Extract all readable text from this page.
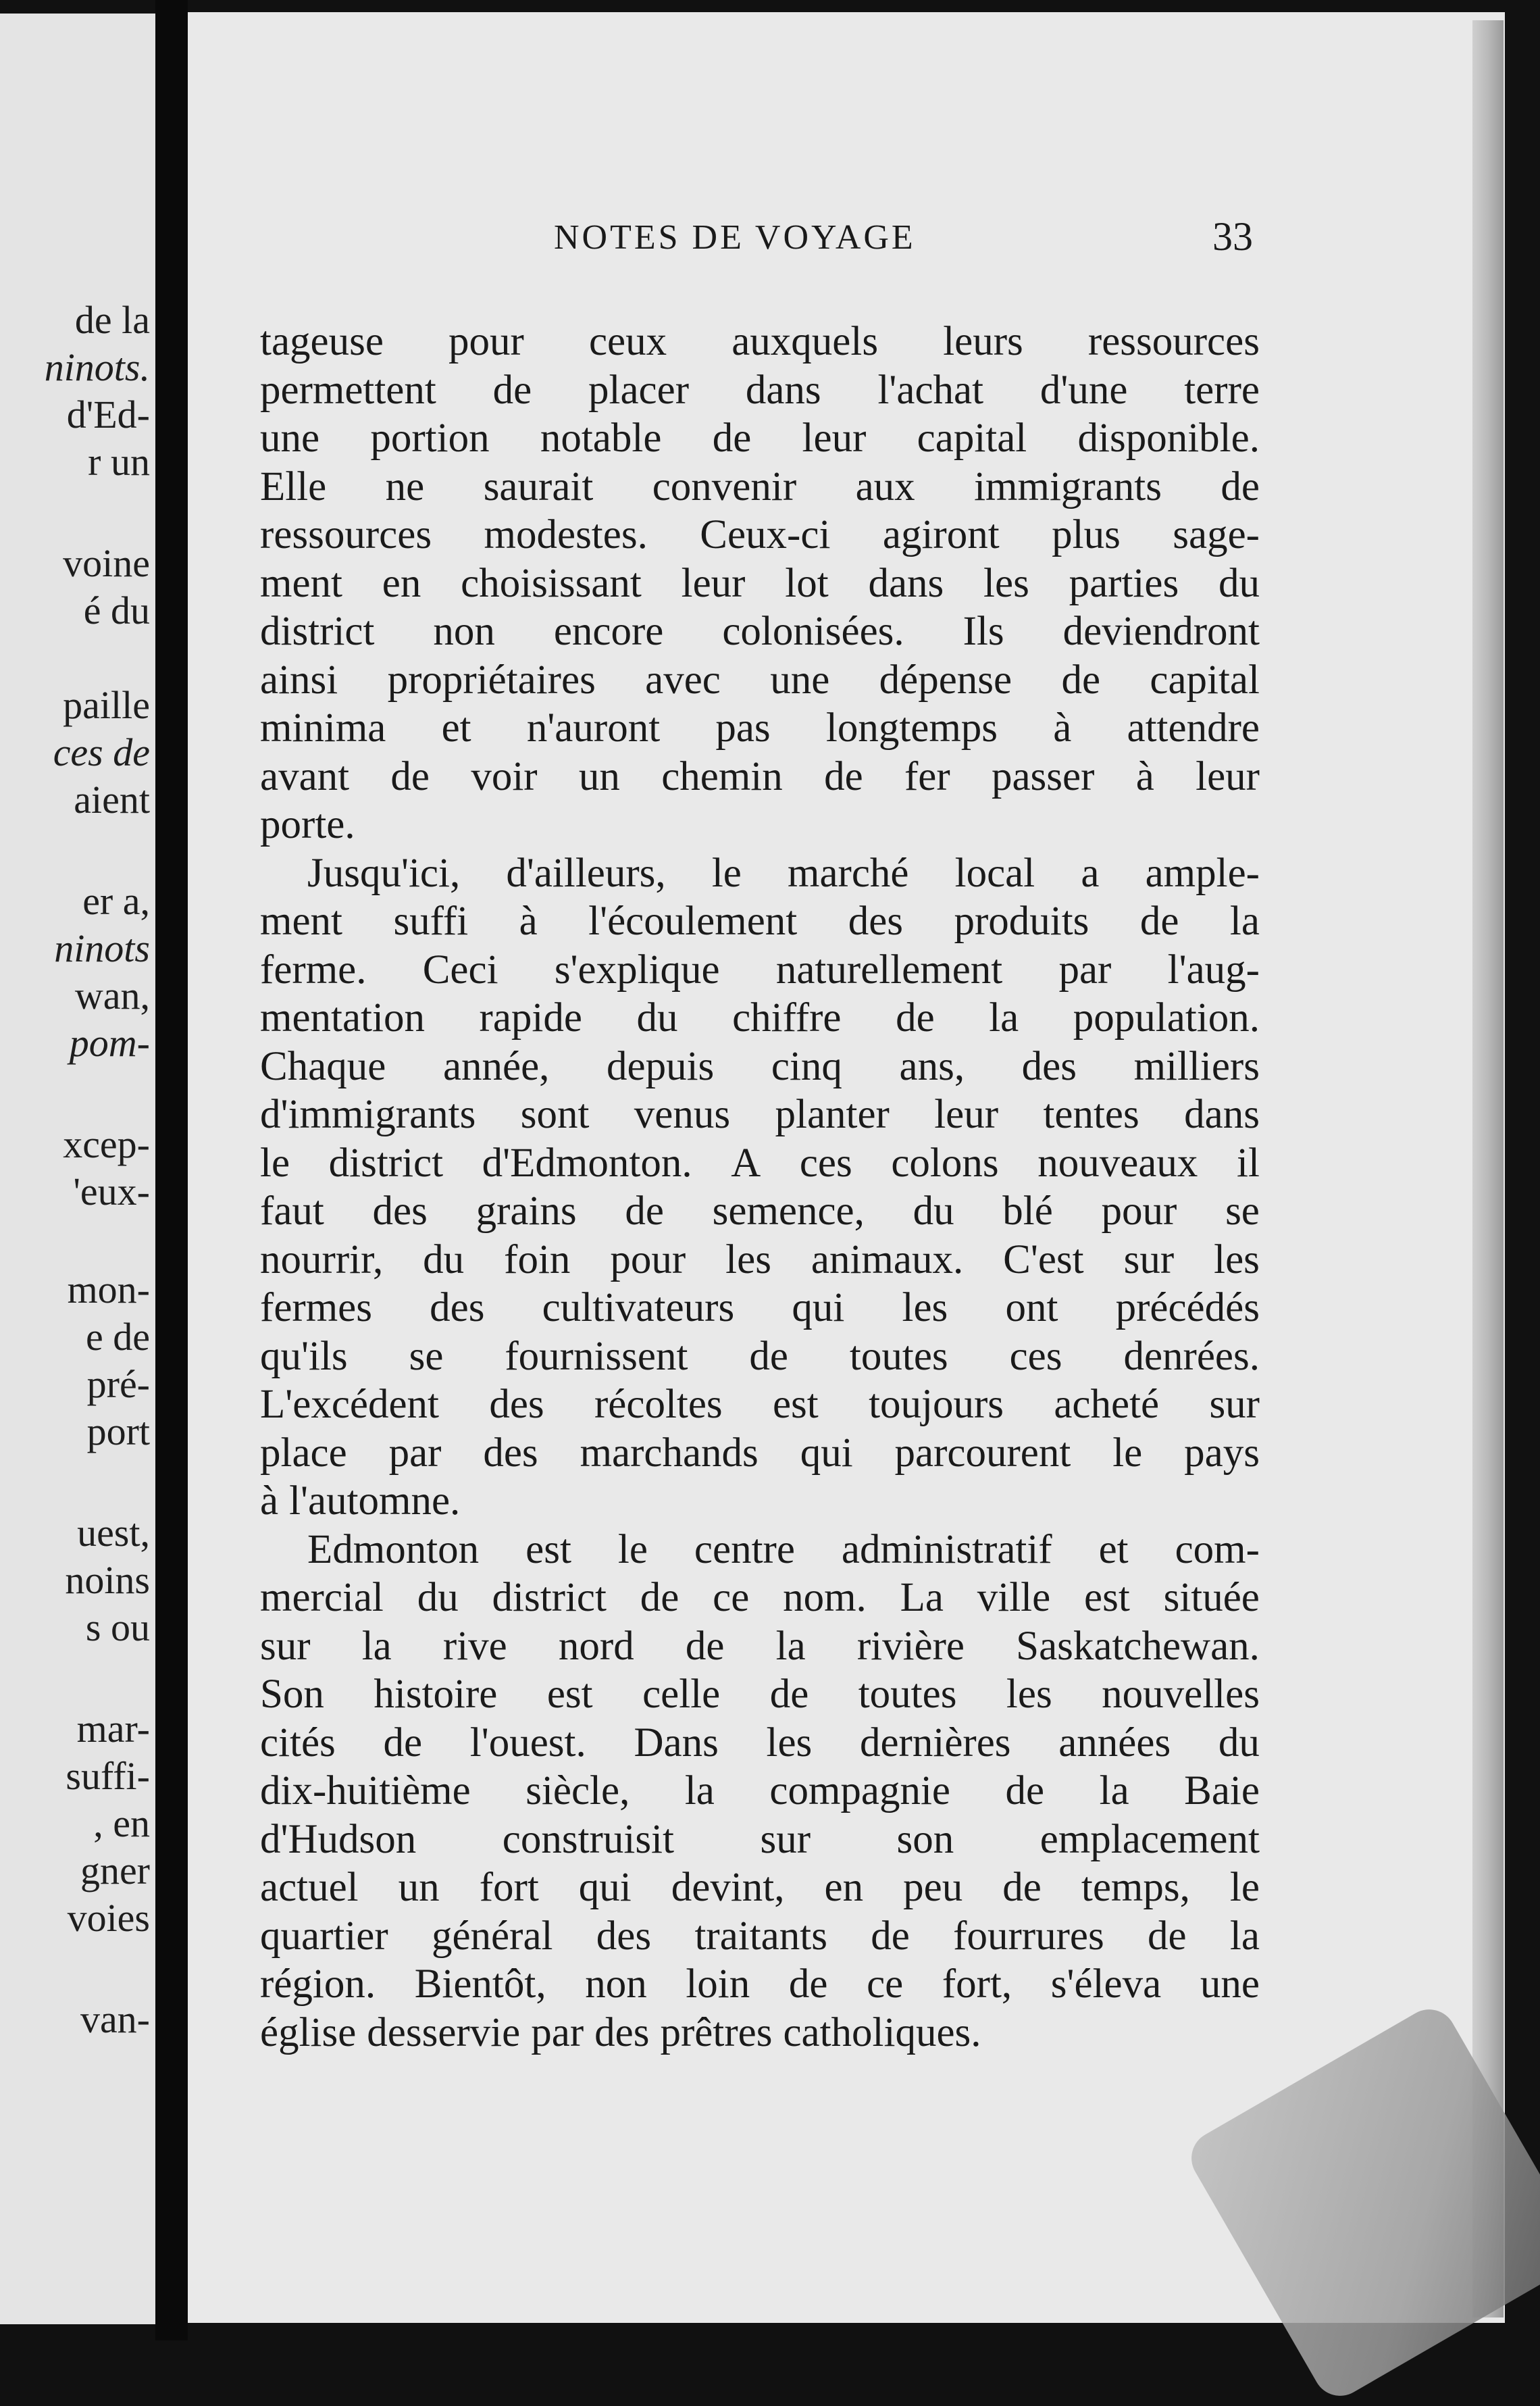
de la
ninots.
d'Ed-
r un
voine
é du
paille
ces de
aient
er a,
ninots
wan,
pom-
xcep-
'eux-
mon-
e de
pré-
port
uest,
noins
s ou
mar-
suffi-
, en
gner
voies
van-
NOTES DE VOYAGE	33
tageuse pour ceux auxquels leurs ressources
permettent de placer dans l'achat d'une terre
une portion notable de leur capital disponible.
Elle ne saurait convenir aux immigrants de
ressources modestes. Ceux-ci agiront plus sage-
ment en choisissant leur lot dans les parties du
district non encore colonisées. Ils deviendront
ainsi propriétaires avec une dépense de capital
minima et n'auront pas longtemps à attendre
avant de voir un chemin de fer passer à leur
porte.
Jusqu'ici, d'ailleurs, le marché local a ample-
ment suffi à l'écoulement des produits de la
ferme. Ceci s'explique naturellement par l'aug-
mentation rapide du chiffre de la population.
Chaque année, depuis cinq ans, des milliers
d'immigrants sont venus planter leur tentes dans
le district d'Edmonton. A ces colons nouveaux il
faut des grains de semence, du blé pour se
nourrir, du foin pour les animaux. C'est sur les
fermes des cultivateurs qui les ont précédés
qu'ils se fournissent de toutes ces denrées.
L'excédent des récoltes est toujours acheté sur
place par des marchands qui parcourent le pays
à l'automne.
Edmonton est le centre administratif et com-
mercial du district de ce nom. La ville est située
sur la rive nord de la rivière Saskatchewan.
Son histoire est celle de toutes les nouvelles
cités de l'ouest. Dans les dernières années du
dix-huitième siècle, la compagnie de la Baie
d'Hudson construisit sur son emplacement
actuel un fort qui devint, en peu de temps, le
quartier général des traitants de fourrures de la
région. Bientôt, non loin de ce fort, s'éleva une
église desservie par des prêtres catholiques.
